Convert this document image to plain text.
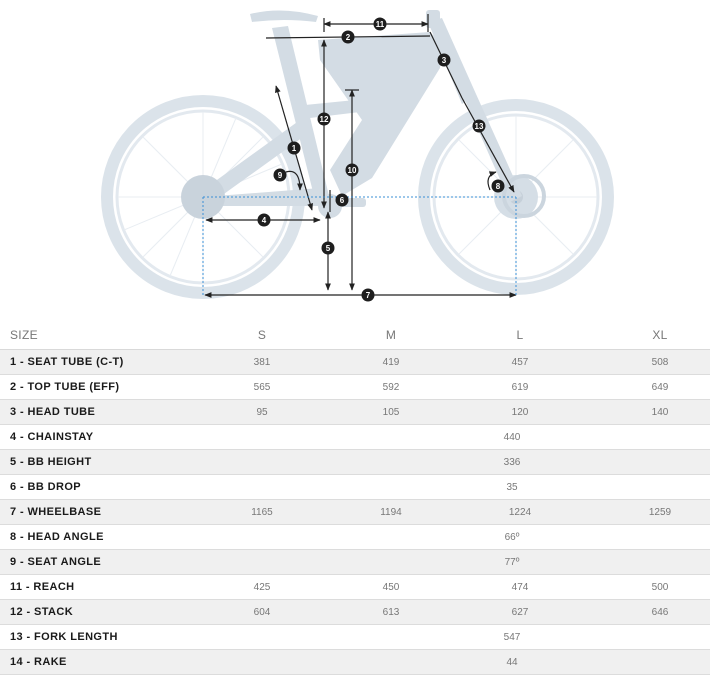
1
2
3
4
5
6
7
8
9
10
11
12
13
SIZE	S	M	L	XL
1 - SEAT TUBE (C-T)	381	419	457	508
2 - TOP TUBE (EFF)	565	592	619	649
3 - HEAD TUBE	95	105	120	140
4 - CHAINSTAY		440		
5 - BB HEIGHT		336		
6 - BB DROP		35		
7 - WHEELBASE	1165	1194	1224	1259
8 - HEAD ANGLE		66º		
9 - SEAT ANGLE		77º		
11 - REACH	425	450	474	500
12 - STACK	604	613	627	646
13 - FORK LENGTH		547		
14 - RAKE		44		
